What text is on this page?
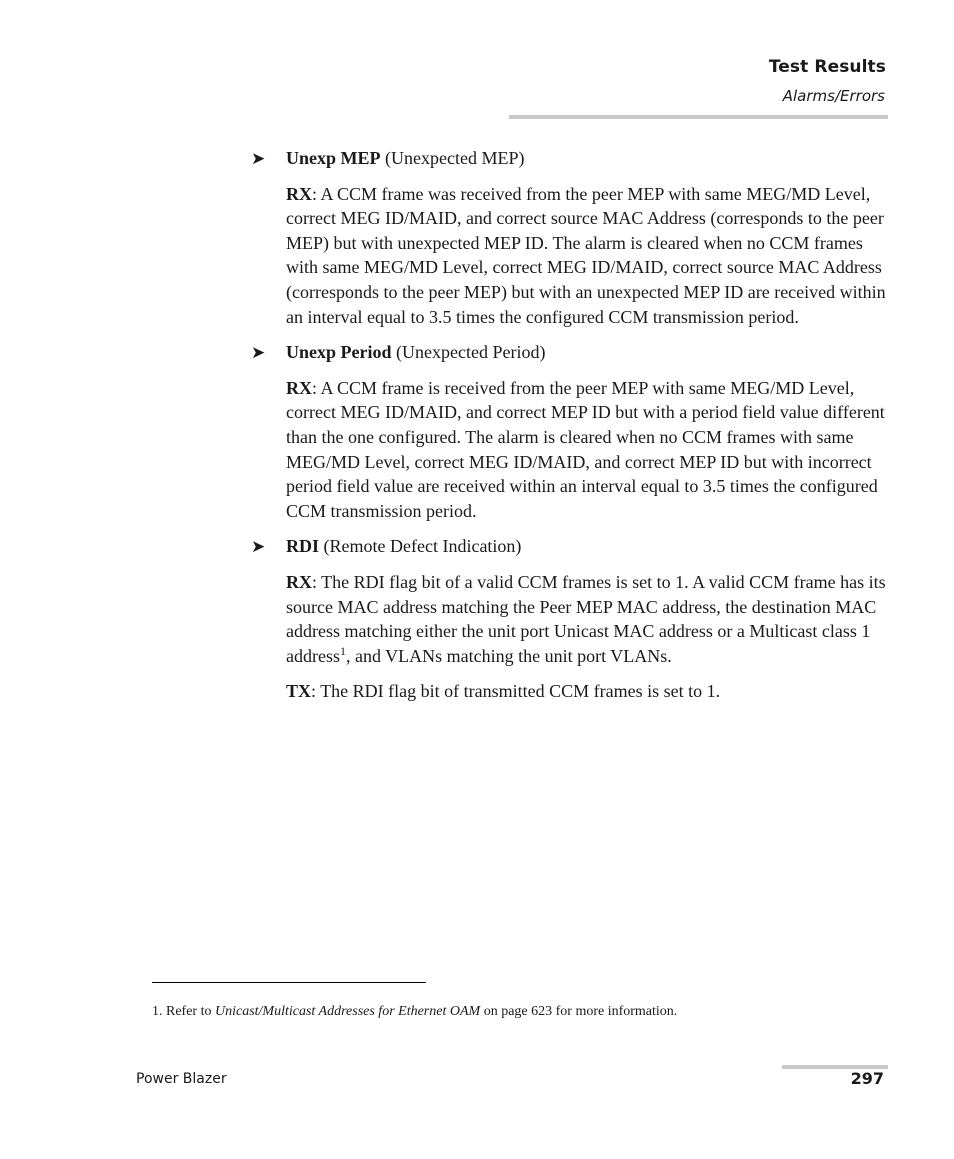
Test Results
Alarms/Errors
➤ Unexp MEP (Unexpected MEP)

RX: A CCM frame was received from the peer MEP with same MEG/MD Level, correct MEG ID/MAID, and correct source MAC Address (corresponds to the peer MEP) but with unexpected MEP ID. The alarm is cleared when no CCM frames with same MEG/MD Level, correct MEG ID/MAID, correct source MAC Address (corresponds to the peer MEP) but with an unexpected MEP ID are received within an interval equal to 3.5 times the configured CCM transmission period.

➤ Unexp Period (Unexpected Period)

RX: A CCM frame is received from the peer MEP with same MEG/MD Level, correct MEG ID/MAID, and correct MEP ID but with a period field value different than the one configured. The alarm is cleared when no CCM frames with same MEG/MD Level, correct MEG ID/MAID, and correct MEP ID but with incorrect period field value are received within an interval equal to 3.5 times the configured CCM transmission period.

➤ RDI (Remote Defect Indication)

RX: The RDI flag bit of a valid CCM frames is set to 1. A valid CCM frame has its source MAC address matching the Peer MEP MAC address, the destination MAC address matching either the unit port Unicast MAC address or a Multicast class 1 address$^1$, and VLANs matching the unit port VLANs.

TX: The RDI flag bit of transmitted CCM frames is set to 1.

1. Refer to Unicast/Multicast Addresses for Ethernet OAM on page 623 for more information.
Power Blazer	297
